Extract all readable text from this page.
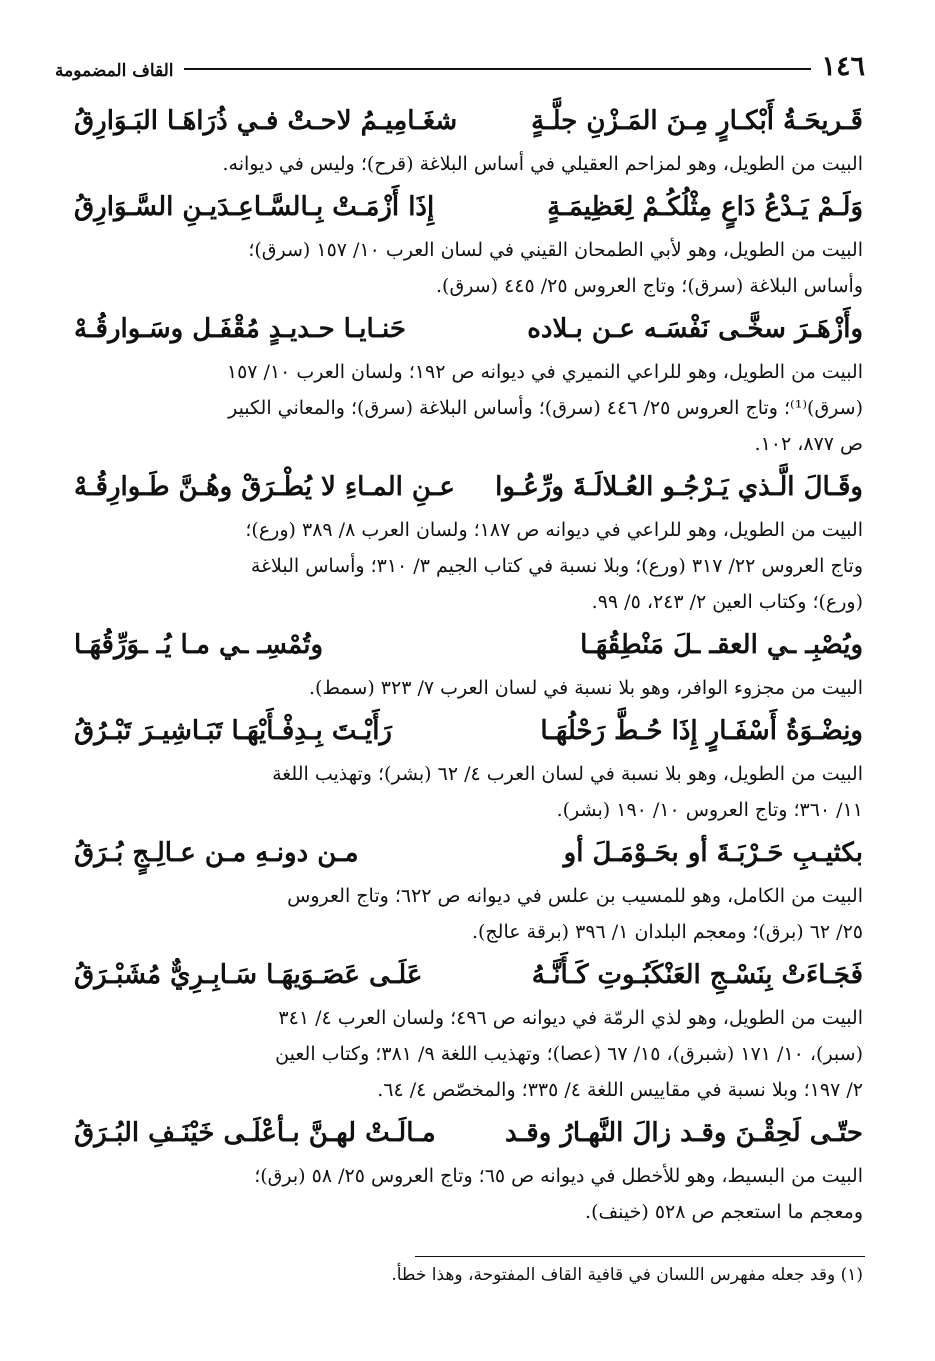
١٤٦
القاف المضمومة
قَـريحَـةُ أَبْكـارٍ مِـنَ المَـزْنِ جلَّـةٍ
شغَـامِيـمُ لاحـتْ فـي ذُرَاهَـا البَـوَارِقُ

البيت من الطويل، وهو لمزاحم العقيلي في أساس البلاغة (قرح)؛ وليس في ديوانه.

وَلَـمْ يَـدْعُ دَاعٍ مِثْلُكُـمْ لِعَظِيمَـةٍ
إِذَا أَزْمَـتْ بِـالسَّـاعِـدَيـنِ السَّـوَارِقُ

البيت من الطويل، وهو لأبي الطمحان القيني في لسان العرب ١٠/ ١٥٧ (سرق)؛
وأساس البلاغة (سرق)؛ وتاج العروس ٢٥/ ٤٤٥ (سرق).

وأَزْهَـرَ سخَّـى نَفْسَـه عـن بـلاده
حَنـايـا حـديـدٍ مُقْفَـل وسَـوارقُـهْ

البيت من الطويل، وهو للراعي النميري في ديوانه ص ١٩٢؛ ولسان العرب ١٠/ ١٥٧
(سرق)⁽¹⁾؛ وتاج العروس ٢٥/ ٤٤٦ (سرق)؛ وأساس البلاغة (سرق)؛ والمعاني الكبير
ص ٨٧٧، ١٠٢.

وقَـالَ الَّـذي يَـرْجُـو العُـلالَـةَ ورِّعُـوا
عـنِ المـاءِ لا يُطْـرَقْ وهُـنَّ طَـوارِقُـهْ

البيت من الطويل، وهو للراعي في ديوانه ص ١٨٧؛ ولسان العرب ٨/ ٣٨٩ (ورع)؛
وتاج العروس ٢٢/ ٣١٧ (ورع)؛ وبلا نسبة في كتاب الجيم ٣/ ٣١٠؛ وأساس البلاغة
(ورع)؛ وكتاب العين ٢/ ٢٤٣، ٥/ ٩٩.

ويُصْبِـ ـي العقـ ـلَ مَنْطِقُهَـا
وتُمْسِـ ـي مـا يُـ ـوَرِّقُهَـا

البيت من مجزوء الوافر، وهو بلا نسبة في لسان العرب ٧/ ٣٢٣ (سمط).

ونِضْـوَةُ أَسْفَـارٍ إِذَا حُـطَّ رَحْلُهَـا
رَأَيْـتَ بِـدِفْـأَيْهَـا تَبَـاشِيـرَ تَبْـرُقُ

البيت من الطويل، وهو بلا نسبة في لسان العرب ٤/ ٦٢ (بشر)؛ وتهذيب اللغة
١١/ ٣٦٠؛ وتاج العروس ١٠/ ١٩٠ (بشر).

بكثيـبِ حَـرْبَـةَ أو بحَـوْمَـلَ أو
مـن دونـهِ مـن عـالِـجٍ بُـرَقُ

البيت من الكامل، وهو للمسيب بن علس في ديوانه ص ٦٢٢؛ وتاج العروس
٢٥/ ٦٢ (برق)؛ ومعجم البلدان ١/ ٣٩٦ (برقة عالج).

فَجَـاءَتْ بِنَسْـجِ العَنْكَبُـوتِ كَـأَنَّـهُ
عَلَـى عَصَـوَيهَـا سَـابِـرِيٌّ مُشَبْـرَقُ

البيت من الطويل، وهو لذي الرمّة في ديوانه ص ٤٩٦؛ ولسان العرب ٤/ ٣٤١
(سبر)، ١٠/ ١٧١ (شبرق)، ١٥/ ٦٧ (عصا)؛ وتهذيب اللغة ٩/ ٣٨١؛ وكتاب العين
٢/ ١٩٧؛ وبلا نسبة في مقاييس اللغة ٤/ ٣٣٥؛ والمخصّص ٤/ ٦٤.

حتّـى لَحِقْـنَ وقـد زالَ النَّهـارُ وقـد
مـالَـتْ لهـنَّ بـأعْلَـى خَيْنَـفِ البُـرَقُ

البيت من البسيط، وهو للأخطل في ديوانه ص ٦٥؛ وتاج العروس ٢٥/ ٥٨ (برق)؛
ومعجم ما استعجم ص ٥٢٨ (خينف).

(١) وقد جعله مفهرس اللسان في قافية القاف المفتوحة، وهذا خطأ.
